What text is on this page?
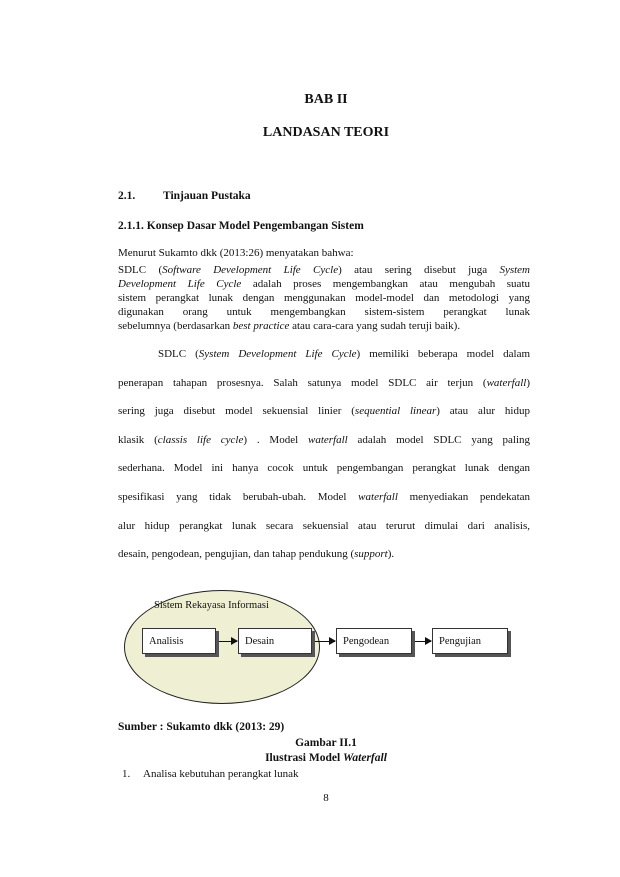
BAB II
LANDASAN TEORI
2.1. Tinjauan Pustaka
2.1.1. Konsep Dasar Model Pengembangan Sistem
Menurut Sukamto dkk (2013:26) menyatakan bahwa:
SDLC (Software Development Life Cycle) atau sering disebut juga System
Development Life Cycle adalah proses mengembangkan atau mengubah suatu
sistem perangkat lunak dengan menggunakan model-model dan metodologi yang
digunakan orang untuk mengembangkan sistem-sistem perangkat lunak
sebelumnya (berdasarkan best practice atau cara-cara yang sudah teruji baik).
SDLC (System Development Life Cycle) memiliki beberapa model dalam
penerapan tahapan prosesnya. Salah satunya model SDLC air terjun (waterfall)
sering juga disebut model sekuensial linier (sequential linear) atau alur hidup
klasik (classis life cycle) . Model waterfall adalah model SDLC yang paling
sederhana. Model ini hanya cocok untuk pengembangan perangkat lunak dengan
spesifikasi yang tidak berubah-ubah. Model waterfall menyediakan pendekatan
alur hidup perangkat lunak secara sekuensial atau terurut dimulai dari analisis,
desain, pengodean, pengujian, dan tahap pendukung (support).
Sistem Rekayasa Informasi
Analisis	Desain	Pengodean	Pengujian
Sumber : Sukamto dkk (2013: 29)
Gambar II.1
Ilustrasi Model Waterfall
1. Analisa kebutuhan perangkat lunak
8
